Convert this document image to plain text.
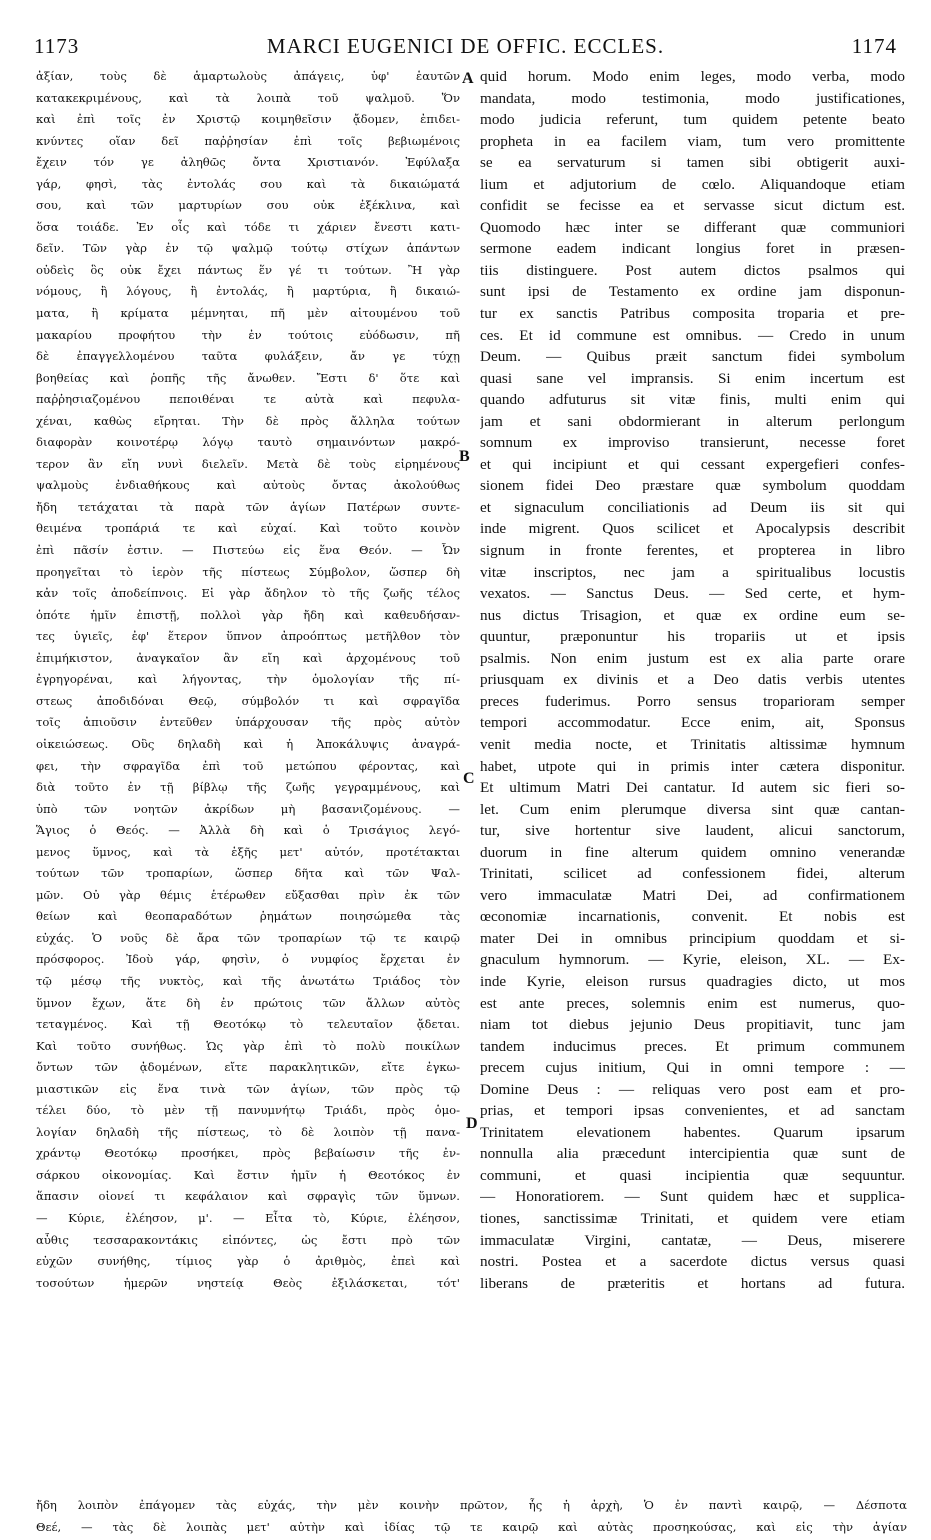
1173	MARCI EUGENICI DE OFFIC. ECCLES.	1174
ἀξίαν, τοὺς δὲ ἁμαρτωλοὺς ἀπάγεις, ὑφ' ἑαυτῶν
κατακεκριμένους, καὶ τὰ λοιπὰ τοῦ ψαλμοῦ. Ὅν
καὶ ἐπὶ τοῖς ἐν Χριστῷ κοιμηθεῖσιν ᾄδομεν, ἐπιδει-
κνύντες οἵαν δεῖ παῤῥησίαν ἐπὶ τοῖς βεβιωμένοις
ἔχειν τόν γε ἀληθῶς ὄντα Χριστιανόν. Ἐφύλαξα
γάρ, φησὶ, τὰς ἐντολάς σου καὶ τὰ δικαιώματά
σου, καὶ τῶν μαρτυρίων σου οὐκ ἐξέκλινα, καὶ
ὅσα τοιάδε. Ἐν οἷς καὶ τόδε τι χάριεν ἔνεστι κατι-
δεῖν. Τῶν γὰρ ἐν τῷ ψαλμῷ τούτῳ στίχων ἁπάντων
οὐδεὶς ὃς οὐκ ἔχει πάντως ἕν γέ τι τούτων. Ἢ γὰρ
νόμους, ἢ λόγους, ἢ ἐντολάς, ἢ μαρτύρια, ἢ δικαιώ-
ματα, ἢ κρίματα μέμνηται, πῆ μὲν αἰτουμένου τοῦ
μακαρίου προφήτου τὴν ἐν τούτοις εὐόδωσιν, πῆ
δὲ ἐπαγγελλομένου ταῦτα φυλάξειν, ἄν γε τύχῃ
βοηθείας καὶ ῥοπῆς τῆς ἄνωθεν. Ἔστι δ' ὅτε καὶ
παῤῥησιαζομένου πεποιθέναι τε αὐτὰ καὶ πεφυλα-
χέναι, καθὼς εἴρηται. Τὴν δὲ πρὸς ἄλληλα τούτων
διαφορὰν κοινοτέρῳ λόγῳ ταυτὸ σημαινόντων μακρό-
τερον ἂν εἴη νυνὶ διελεῖν. Μετὰ δὲ τοὺς εἰρημένους
ψαλμοὺς ἐνδιαθήκους καὶ αὐτοὺς ὄντας ἀκολούθως
ἤδη τετάχαται τὰ παρὰ τῶν ἁγίων Πατέρων συντε-
θειμένα τροπάριά τε καὶ εὐχαί. Καὶ τοῦτο κοινὸν
ἐπὶ πᾶσίν ἐστιν. — Πιστεύω εἰς ἕνα Θεόν. — Ὧν
προηγεῖται τὸ ἱερὸν τῆς πίστεως Σύμβολον, ὥσπερ δὴ
κἀν τοῖς ἀποδείπνοις. Εἰ γὰρ ἄδηλον τὸ τῆς ζωῆς τέλος
ὁπότε ἡμῖν ἐπιστῇ, πολλοὶ γὰρ ἤδη καὶ καθευδήσαν-
τες ὑγιεῖς, ἐφ' ἕτερον ὕπνον ἀπροόπτως μετῆλθον τὸν
ἐπιμήκιστον, ἀναγκαῖον ἂν εἴη καὶ ἀρχομένους τοῦ
ἐγρηγορέναι, καὶ λήγοντας, τὴν ὁμολογίαν τῆς πί-
στεως ἀποδιδόναι Θεῷ, σύμβολόν τι καὶ σφραγῖδα
τοῖς ἀπιοῦσιν ἐντεῦθεν ὑπάρχουσαν τῆς πρὸς αὐτὸν
οἰκειώσεως. Οὓς δηλαδὴ καὶ ἡ Ἀποκάλυψις ἀναγρά-
φει, τὴν σφραγῖδα ἐπὶ τοῦ μετώπου φέροντας, καὶ
διὰ τοῦτο ἐν τῇ βίβλῳ τῆς ζωῆς γεγραμμένους, καὶ
ὑπὸ τῶν νοητῶν ἀκρίδων μὴ βασανιζομένους. —
Ἅγιος ὁ Θεός. — Ἀλλὰ δὴ καὶ ὁ Τρισάγιος λεγό-
μενος ὕμνος, καὶ τὰ ἑξῆς μετ' αὐτόν, προτέτακται
τούτων τῶν τροπαρίων, ὥσπερ δῆτα καὶ τῶν Ψαλ-
μῶν. Οὐ γὰρ θέμις ἑτέρωθεν εὔξασθαι πρὶν ἐκ τῶν
θείων καὶ θεοπαραδότων ῥημάτων ποιησώμεθα τὰς
εὐχάς. Ὁ νοῦς δὲ ἄρα τῶν τροπαρίων τῷ τε καιρῷ
πρόσφορος. Ἰδοὺ γάρ, φησὶν, ὁ νυμφίος ἔρχεται ἐν
τῷ μέσῳ τῆς νυκτὸς, καὶ τῆς ἀνωτάτω Τριάδος τὸν
ὕμνον ἔχων, ἅτε δὴ ἐν πρώτοις τῶν ἄλλων αὐτὸς
τεταγμένος. Καὶ τῇ Θεοτόκῳ τὸ τελευταῖον ᾄδεται.
Καὶ τοῦτο συνήθως. Ὡς γὰρ ἐπὶ τὸ πολὺ ποικίλων
ὄντων τῶν ᾀδομένων, εἴτε παρακλητικῶν, εἴτε ἐγκω-
μιαστικῶν εἰς ἕνα τινὰ τῶν ἁγίων, τῶν πρὸς τῷ
τέλει δύο, τὸ μὲν τῇ πανυμνήτῳ Τριάδι, πρὸς ὁμο-
λογίαν δηλαδὴ τῆς πίστεως, τὸ δὲ λοιπὸν τῇ πανα-
χράντῳ Θεοτόκῳ προσήκει, πρὸς βεβαίωσιν τῆς ἐν-
σάρκου οἰκονομίας. Καὶ ἔστιν ἡμῖν ἡ Θεοτόκος ἐν
ἅπασιν οἱονεί τι κεφάλαιον καὶ σφραγὶς τῶν ὕμνων.
— Κύριε, ἐλέησον, μ'. — Εἶτα τὸ, Κύριε, ἐλέησον,
αὖθις τεσσαρακοντάκις εἰπόντες, ὡς ἔστι πρὸ τῶν
εὐχῶν συνήθης, τίμιος γὰρ ὁ ἀριθμὸς, ἐπεὶ καὶ
τοσούτων ἡμερῶν νηστείᾳ Θεὸς ἐξιλάσκεται, τότ'
quid horum. Modo enim leges, modo verba, modo
mandata, modo testimonia, modo justificationes,
modo judicia referunt, tum quidem petente beato
propheta in ea facilem viam, tum vero promittente
se ea servaturum si tamen sibi obtigerit auxi-
lium et adjutorium de cœlo. Aliquandoque etiam
confidit se fecisse ea et servasse sicut dictum est.
Quomodo hæc inter se differant quæ communiori
sermone eadem indicant longius foret in præsen-
tiis distinguere. Post autem dictos psalmos qui
sunt ipsi de Testamento ex ordine jam disponun-
tur ex sanctis Patribus composita troparia et pre-
ces. Et id commune est omnibus. — Credo in unum
Deum. — Quibus præit sanctum fidei symbolum
quasi sane vel impransis. Si enim incertum est
quando adfuturus sit vitæ finis, multi enim qui
jam et sani obdormierant in alterum perlongum
somnum ex improviso transierunt, necesse foret
et qui incipiunt et qui cessant expergefieri confes-
sionem fidei Deo præstare quæ symbolum quoddam
et signaculum conciliationis ad Deum iis sit qui
inde migrent. Quos scilicet et Apocalypsis describit
signum in fronte ferentes, et propterea in libro
vitæ inscriptos, nec jam a spiritualibus locustis
vexatos. — Sanctus Deus. — Sed certe, et hym-
nus dictus Trisagion, et quæ ex ordine eum se-
quuntur, præponuntur his tropariis ut et ipsis
psalmis. Non enim justum est ex alia parte orare
priusquam ex divinis et a Deo datis verbis utentes
preces fuderimus. Porro sensus troparioram semper
tempori accommodatur. Ecce enim, ait, Sponsus
venit media nocte, et Trinitatis altissimæ hymnum
habet, utpote qui in primis inter cætera disponitur.
Et ultimum Matri Dei cantatur. Id autem sic fieri so-
let. Cum enim plerumque diversa sint quæ cantan-
tur, sive hortentur sive laudent, alicui sanctorum,
duorum in fine alterum quidem omnino venerandæ
Trinitati, scilicet ad confessionem fidei, alterum
vero immaculatæ Matri Dei, ad confirmationem
œconomiæ incarnationis, convenit. Et nobis est
mater Dei in omnibus principium quoddam et si-
gnaculum hymnorum. — Kyrie, eleison, XL. — Ex-
inde Kyrie, eleison rursus quadragies dicto, ut mos
est ante preces, solemnis enim est numerus, quo-
niam tot diebus jejunio Deus propitiavit, tunc jam
tandem inducimus preces. Et primum communem
precem cujus initium, Qui in omni tempore : —
Domine Deus : — reliquas vero post eam et pro-
prias, et tempori ipsas convenientes, et ad sanctam
Trinitatem elevationem habentes. Quarum ipsarum
nonnulla alia præcedunt intercipientia quæ sunt de
communi, et quasi incipientia quæ sequuntur.
— Honoratiorem. — Sunt quidem hæc et supplica-
tiones, sanctissimæ Trinitati, et quidem vere etiam
immaculatæ Virgini, cantatæ, — Deus, miserere
nostri. Postea et a sacerdote dictus versus quasi
liberans de præteritis et hortans ad futura.
A
B
C
D
ἤδη λοιπὸν ἐπάγομεν τὰς εὐχάς, τὴν μὲν κοινὴν πρῶτον, ἧς ἡ ἀρχὴ, Ὁ ἐν παντὶ καιρῷ, — Δέσποτα
Θεέ, — τὰς δὲ λοιπὰς μετ' αὐτὴν καὶ ἰδίας τῷ τε καιρῷ καὶ αὐτὰς προσηκούσας, καὶ εἰς τὴν ἁγίαν
